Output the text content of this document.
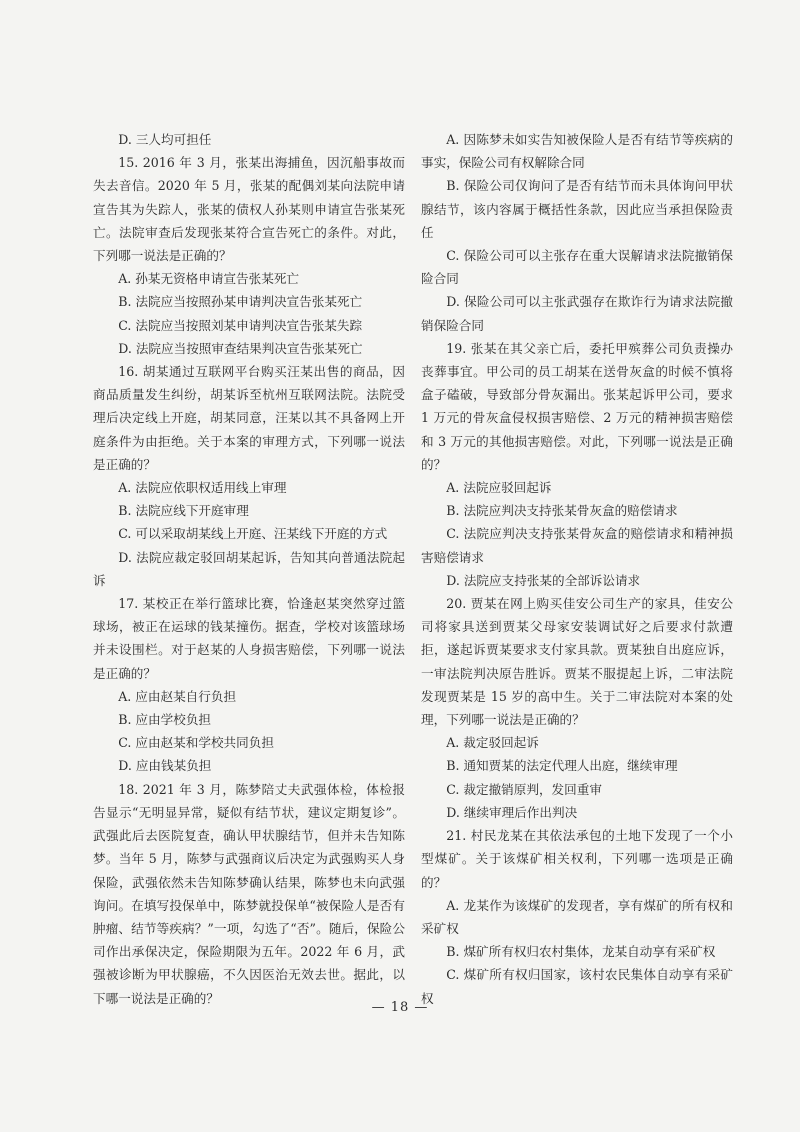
D. 三人均可担任

15. 2016 年 3 月，张某出海捕鱼，因沉船事故而失去音信。2020 年 5 月，张某的配偶刘某向法院申请宣告其为失踪人，张某的债权人孙某则申请宣告张某死亡。法院审查后发现张某符合宣告死亡的条件。对此，下列哪一说法是正确的？

A. 孙某无资格申请宣告张某死亡

B. 法院应当按照孙某申请判决宣告张某死亡

C. 法院应当按照刘某申请判决宣告张某失踪

D. 法院应当按照审查结果判决宣告张某死亡

16. 胡某通过互联网平台购买汪某出售的商品，因商品质量发生纠纷，胡某诉至杭州互联网法院。法院受理后决定线上开庭，胡某同意，汪某以其不具备网上开庭条件为由拒绝。关于本案的审理方式，下列哪一说法是正确的？

A. 法院应依职权适用线上审理

B. 法院应线下开庭审理

C. 可以采取胡某线上开庭、汪某线下开庭的方式

D. 法院应裁定驳回胡某起诉，告知其向普通法院起诉

17. 某校正在举行篮球比赛，恰逢赵某突然穿过篮球场，被正在运球的钱某撞伤。据查，学校对该篮球场并未设围栏。对于赵某的人身损害赔偿，下列哪一说法是正确的？

A. 应由赵某自行负担

B. 应由学校负担

C. 应由赵某和学校共同负担

D. 应由钱某负担

18. 2021 年 3 月，陈梦陪丈夫武强体检，体检报告显示“无明显异常，疑似有结节状，建议定期复诊”。武强此后去医院复查，确认甲状腺结节，但并未告知陈梦。当年 5 月，陈梦与武强商议后决定为武强购买人身保险，武强依然未告知陈梦确认结果，陈梦也未向武强询问。在填写投保单中，陈梦就投保单“被保险人是否有肿瘤、结节等疾病？”一项，勾选了“否”。随后，保险公司作出承保决定，保险期限为五年。2022 年 6 月，武强被诊断为甲状腺癌，不久因医治无效去世。据此，以下哪一说法是正确的？

A. 因陈梦未如实告知被保险人是否有结节等疾病的事实，保险公司有权解除合同

B. 保险公司仅询问了是否有结节而未具体询问甲状腺结节，该内容属于概括性条款，因此应当承担保险责任

C. 保险公司可以主张存在重大误解请求法院撤销保险合同

D. 保险公司可以主张武强存在欺诈行为请求法院撤销保险合同

19. 张某在其父亲亡后，委托甲殡葬公司负责操办丧葬事宜。甲公司的员工胡某在送骨灰盒的时候不慎将盒子磕破，导致部分骨灰漏出。张某起诉甲公司，要求 1 万元的骨灰盒侵权损害赔偿、2 万元的精神损害赔偿和 3 万元的其他损害赔偿。对此，下列哪一说法是正确的？

A. 法院应驳回起诉

B. 法院应判决支持张某骨灰盒的赔偿请求

C. 法院应判决支持张某骨灰盒的赔偿请求和精神损害赔偿请求

D. 法院应支持张某的全部诉讼请求

20. 贾某在网上购买佳安公司生产的家具，佳安公司将家具送到贾某父母家安装调试好之后要求付款遭拒，遂起诉贾某要求支付家具款。贾某独自出庭应诉，一审法院判决原告胜诉。贾某不服提起上诉，二审法院发现贾某是 15 岁的高中生。关于二审法院对本案的处理，下列哪一说法是正确的？

A. 裁定驳回起诉

B. 通知贾某的法定代理人出庭，继续审理

C. 裁定撤销原判，发回重审

D. 继续审理后作出判决

21. 村民龙某在其依法承包的土地下发现了一个小型煤矿。关于该煤矿相关权利，下列哪一选项是正确的？

A. 龙某作为该煤矿的发现者，享有煤矿的所有权和采矿权

B. 煤矿所有权归农村集体，龙某自动享有采矿权

C. 煤矿所有权归国家，该村农民集体自动享有采矿权

— 18 —
